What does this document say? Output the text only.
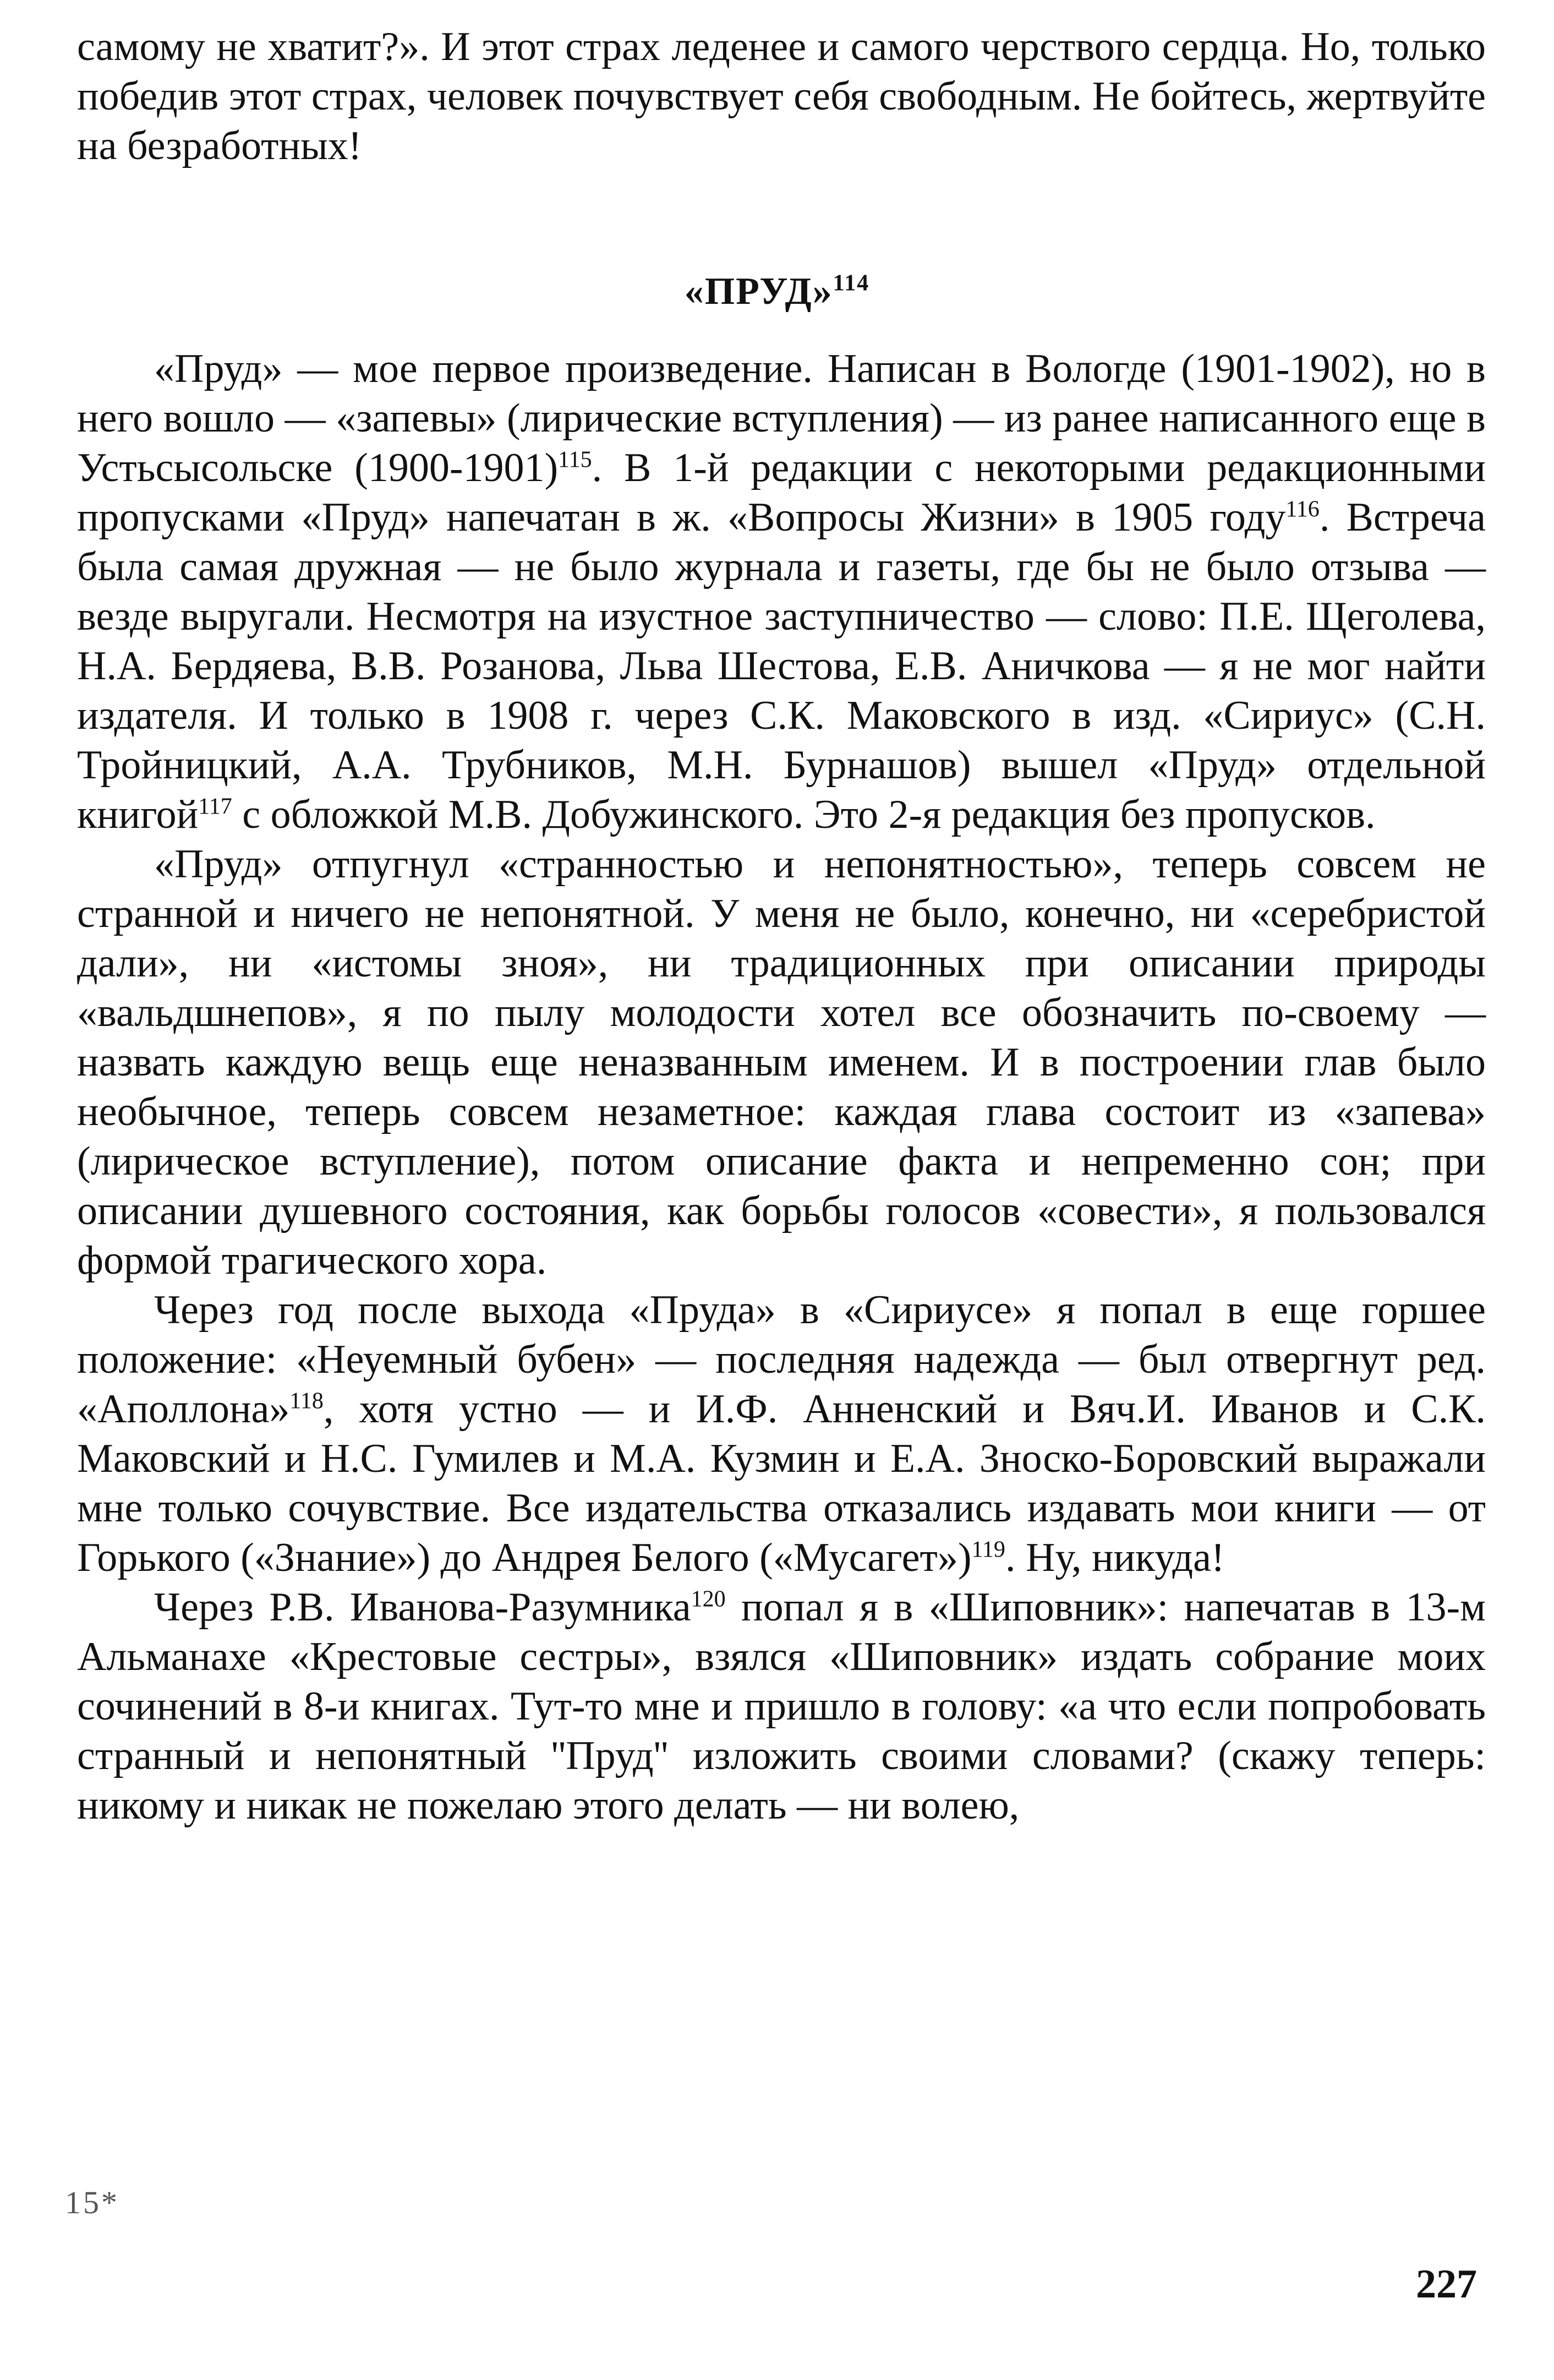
самому не хватит?». И этот страх леденее и самого черствого сердца. Но, только победив этот страх, человек почувствует себя свободным. Не бойтесь, жертвуйте на безработных!

«ПРУД»$^{114}$

«Пруд» — мое первое произведение. Написан в Вологде (1901-1902), но в него вошло — «запевы» (лирические вступления) — из ранее написанного еще в Устьсысольске (1900-1901)$^{115}$. В 1-й редакции с некоторыми редакционными пропусками «Пруд» напечатан в ж. «Вопросы Жизни» в 1905 году$^{116}$. Встреча была самая дружная — не было журнала и газеты, где бы не было отзыва — везде выругали. Несмотря на изустное заступничество — слово: П.Е. Щеголева, Н.А. Бердяева, В.В. Розанова, Льва Шестова, Е.В. Аничкова — я не мог найти издателя. И только в 1908 г. через С.К. Маковского в изд. «Сириус» (С.Н. Тройницкий, А.А. Трубников, М.Н. Бурнашов) вышел «Пруд» отдельной книгой$^{117}$ с обложкой М.В. Добужинского. Это 2-я редакция без пропусков.

«Пруд» отпугнул «странностью и непонятностью», теперь совсем не странной и ничего не непонятной. У меня не было, конечно, ни «серебристой дали», ни «истомы зноя», ни традиционных при описании природы «вальдшнепов», я по пылу молодости хотел все обозначить по-своему — назвать каждую вещь еще неназванным именем. И в построении глав было необычное, теперь совсем незаметное: каждая глава состоит из «запева» (лирическое вступление), потом описание факта и непременно сон; при описании душевного состояния, как борьбы голосов «совести», я пользовался формой трагического хора.

Через год после выхода «Пруда» в «Сириусе» я попал в еще горшее положение: «Неуемный бубен» — последняя надежда — был отвергнут ред. «Аполлона»$^{118}$, хотя устно — и И.Ф. Анненский и Вяч.И. Иванов и С.К. Маковский и Н.С. Гумилев и М.А. Кузмин и Е.А. Зноско-Боровский выражали мне только сочувствие. Все издательства отказались издавать мои книги — от Горького («Знание») до Андрея Белого («Мусагет»)$^{119}$. Ну, никуда!

Через Р.В. Иванова-Разумника$^{120}$ попал я в «Шиповник»: напечатав в 13-м Альманахе «Крестовые сестры», взялся «Шиповник» издать собрание моих сочинений в 8-и книгах. Тут-то мне и пришло в голову: «а что если попробовать странный и непонятный ''Пруд'' изложить своими словами? (скажу теперь: никому и никак не пожелаю этого делать — ни волею,

15*
227
